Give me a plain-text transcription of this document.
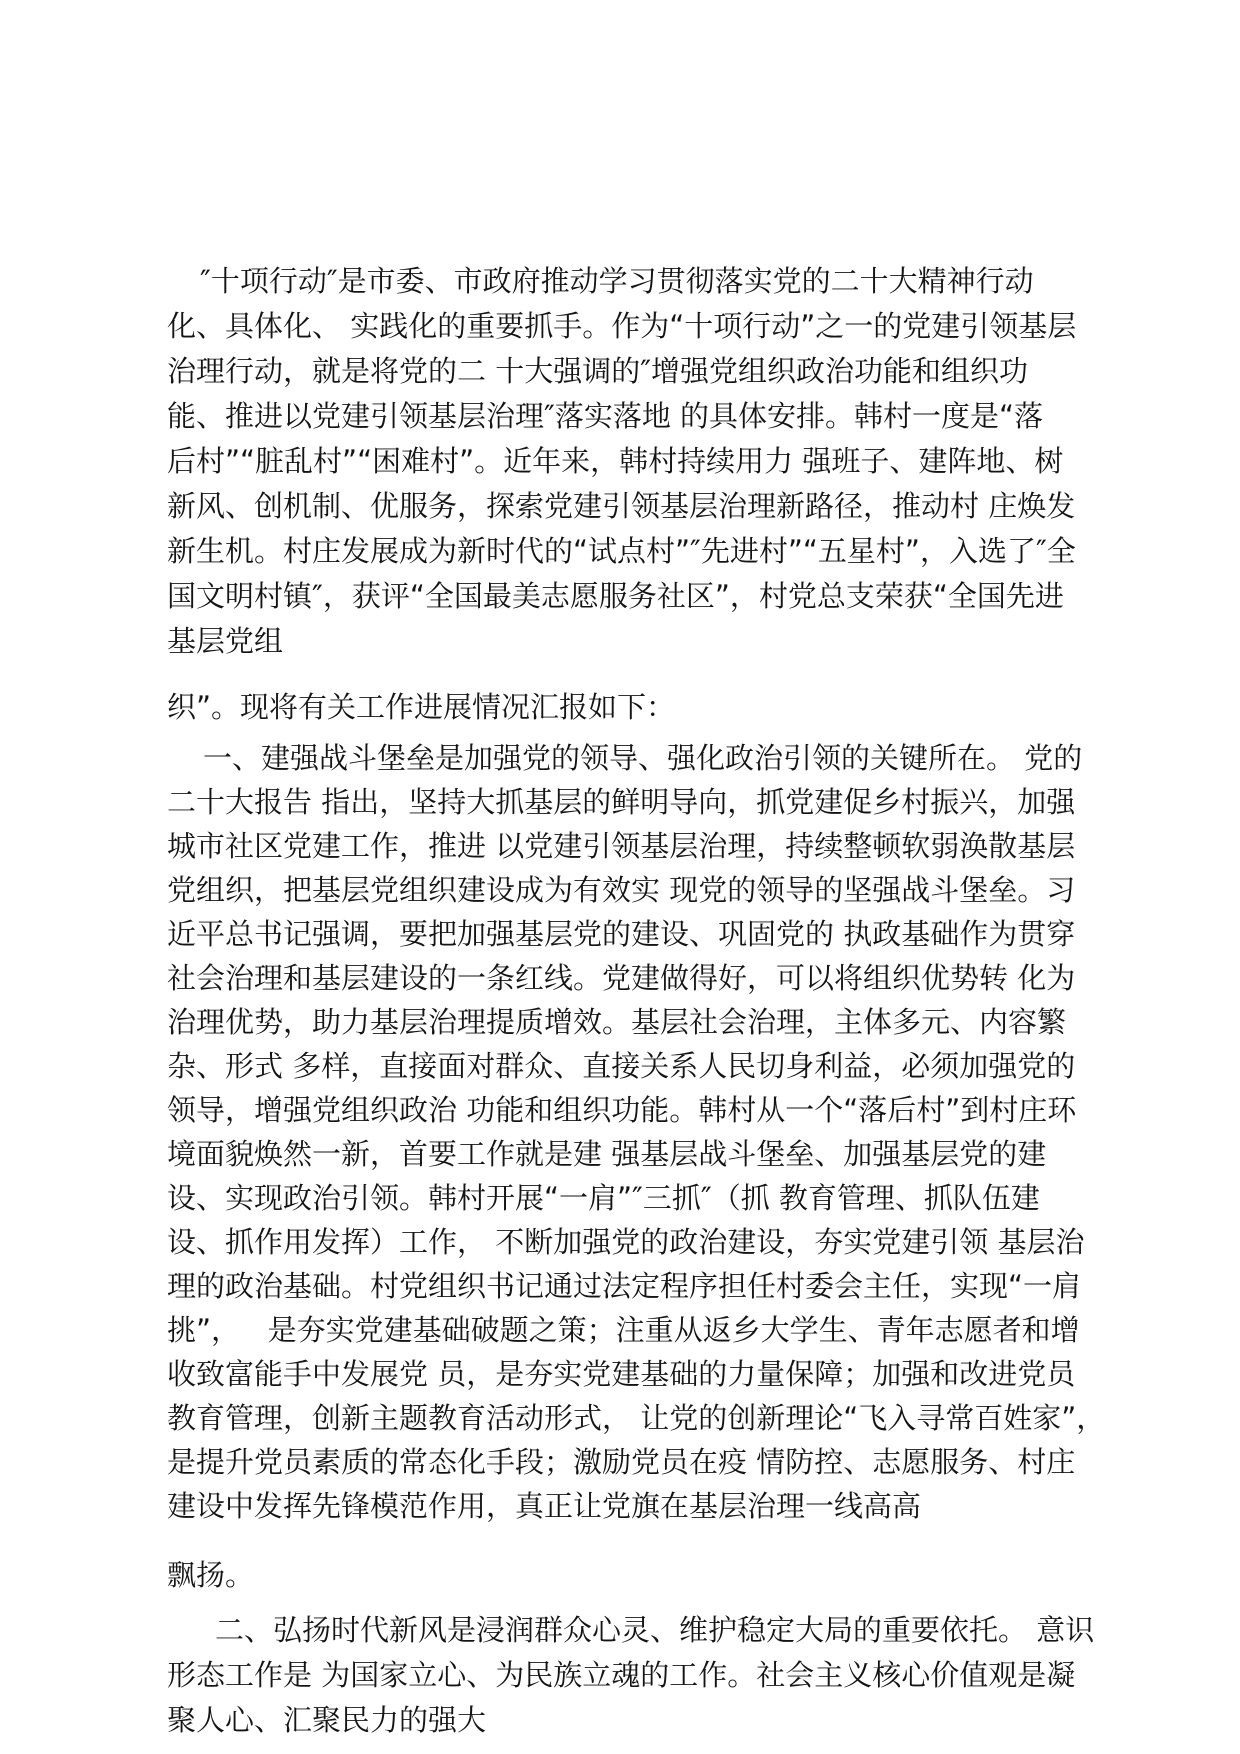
″十项行动″是市委、市政府推动学习贯彻落实党的二十大精神行动
化、具体化、 实践化的重要抓手。作为“十项行动”之一的党建引领基层
治理行动，就是将党的二 十大强调的″增强党组织政治功能和组织功
能、推进以党建引领基层治理″落实落地 的具体安排。韩村一度是“落
后村”“脏乱村”“困难村”。近年来，韩村持续用力 强班子、建阵地、树
新风、创机制、优服务，探索党建引领基层治理新路径，推动村 庄焕发
新生机。村庄发展成为新时代的“试点村”″先进村”“五星村”，入选了″全
国文明村镇″，获评“全国最美志愿服务社区”，村党总支荣获“全国先进
基层党组
织”。现将有关工作进展情况汇报如下：
一、建强战斗堡垒是加强党的领导、强化政治引领的关键所在。 党的
二十大报告 指出，坚持大抓基层的鲜明导向，抓党建促乡村振兴，加强
城市社区党建工作，推进 以党建引领基层治理，持续整顿软弱涣散基层
党组织，把基层党组织建设成为有效实 现党的领导的坚强战斗堡垒。习
近平总书记强调，要把加强基层党的建设、巩固党的 执政基础作为贯穿
社会治理和基层建设的一条红线。党建做得好，可以将组织优势转 化为
治理优势，助力基层治理提质增效。基层社会治理，主体多元、内容繁
杂、形式 多样，直接面对群众、直接关系人民切身利益，必须加强党的
领导，增强党组织政治 功能和组织功能。韩村从一个“落后村”到村庄环
境面貌焕然一新，首要工作就是建 强基层战斗堡垒、加强基层党的建
设、实现政治引领。韩村开展“一肩”″三抓″（抓 教育管理、抓队伍建
设、抓作用发挥）工作， 不断加强党的政治建设，夯实党建引领 基层治
理的政治基础。村党组织书记通过法定程序担任村委会主任，实现“一肩
挑”，   是夯实党建基础破题之策；注重从返乡大学生、青年志愿者和增
收致富能手中发展党 员，是夯实党建基础的力量保障；加强和改进党员
教育管理，创新主题教育活动形式， 让党的创新理论“飞入寻常百姓家”，
是提升党员素质的常态化手段；激励党员在疫 情防控、志愿服务、村庄
建设中发挥先锋模范作用，真正让党旗在基层治理一线高高
飘扬。
二、弘扬时代新风是浸润群众心灵、维护稳定大局的重要依托。 意识
形态工作是 为国家立心、为民族立魂的工作。社会主义核心价值观是凝
聚人心、汇聚民力的强大
